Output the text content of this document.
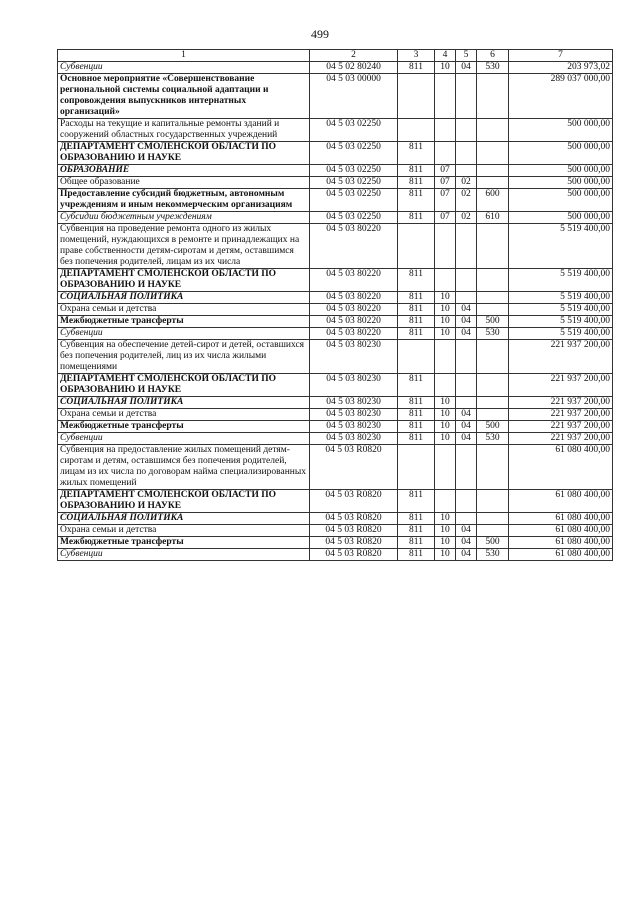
499
1	2	3	4	5	6	7
Субвенции	04 5 02 80240	811	10	04	530	203 973,02
Основное мероприятие «Совершенствование региональной системы социальной адаптации и сопровождения выпускников интернатных организаций»	04 5 03 00000					289 037 000,00
Расходы на текущие и капитальные ремонты зданий и сооружений областных государственных учреждений	04 5 03 02250					500 000,00
ДЕПАРТАМЕНТ СМОЛЕНСКОЙ ОБЛАСТИ ПО ОБРАЗОВАНИЮ И НАУКЕ	04 5 03 02250	811				500 000,00
ОБРАЗОВАНИЕ	04 5 03 02250	811	07			500 000,00
Общее образование	04 5 03 02250	811	07	02		500 000,00
Предоставление субсидий бюджетным, автономным учреждениям и иным некоммерческим организациям	04 5 03 02250	811	07	02	600	500 000,00
Субсидии бюджетным учреждениям	04 5 03 02250	811	07	02	610	500 000,00
Субвенция на проведение ремонта одного из жилых помещений, нуждающихся в ремонте и принадлежащих на праве собственности детям-сиротам и детям, оставшимся без попечения родителей, лицам из их числа	04 5 03 80220					5 519 400,00
ДЕПАРТАМЕНТ СМОЛЕНСКОЙ ОБЛАСТИ ПО ОБРАЗОВАНИЮ И НАУКЕ	04 5 03 80220	811				5 519 400,00
СОЦИАЛЬНАЯ ПОЛИТИКА	04 5 03 80220	811	10			5 519 400,00
Охрана семьи и детства	04 5 03 80220	811	10	04		5 519 400,00
Межбюджетные трансферты	04 5 03 80220	811	10	04	500	5 519 400,00
Субвенции	04 5 03 80220	811	10	04	530	5 519 400,00
Субвенция на обеспечение детей-сирот и детей, оставшихся без попечения родителей, лиц из их числа жилыми помещениями	04 5 03 80230					221 937 200,00
ДЕПАРТАМЕНТ СМОЛЕНСКОЙ ОБЛАСТИ ПО ОБРАЗОВАНИЮ И НАУКЕ	04 5 03 80230	811				221 937 200,00
СОЦИАЛЬНАЯ ПОЛИТИКА	04 5 03 80230	811	10			221 937 200,00
Охрана семьи и детства	04 5 03 80230	811	10	04		221 937 200,00
Межбюджетные трансферты	04 5 03 80230	811	10	04	500	221 937 200,00
Субвенции	04 5 03 80230	811	10	04	530	221 937 200,00
Субвенция на предоставление жилых помещений детям-сиротам и детям, оставшимся без попечения родителей, лицам из их числа по договорам найма специализированных жилых помещений	04 5 03 R0820					61 080 400,00
ДЕПАРТАМЕНТ СМОЛЕНСКОЙ ОБЛАСТИ ПО ОБРАЗОВАНИЮ И НАУКЕ	04 5 03 R0820	811				61 080 400,00
СОЦИАЛЬНАЯ ПОЛИТИКА	04 5 03 R0820	811	10			61 080 400,00
Охрана семьи и детства	04 5 03 R0820	811	10	04		61 080 400,00
Межбюджетные трансферты	04 5 03 R0820	811	10	04	500	61 080 400,00
Субвенции	04 5 03 R0820	811	10	04	530	61 080 400,00
